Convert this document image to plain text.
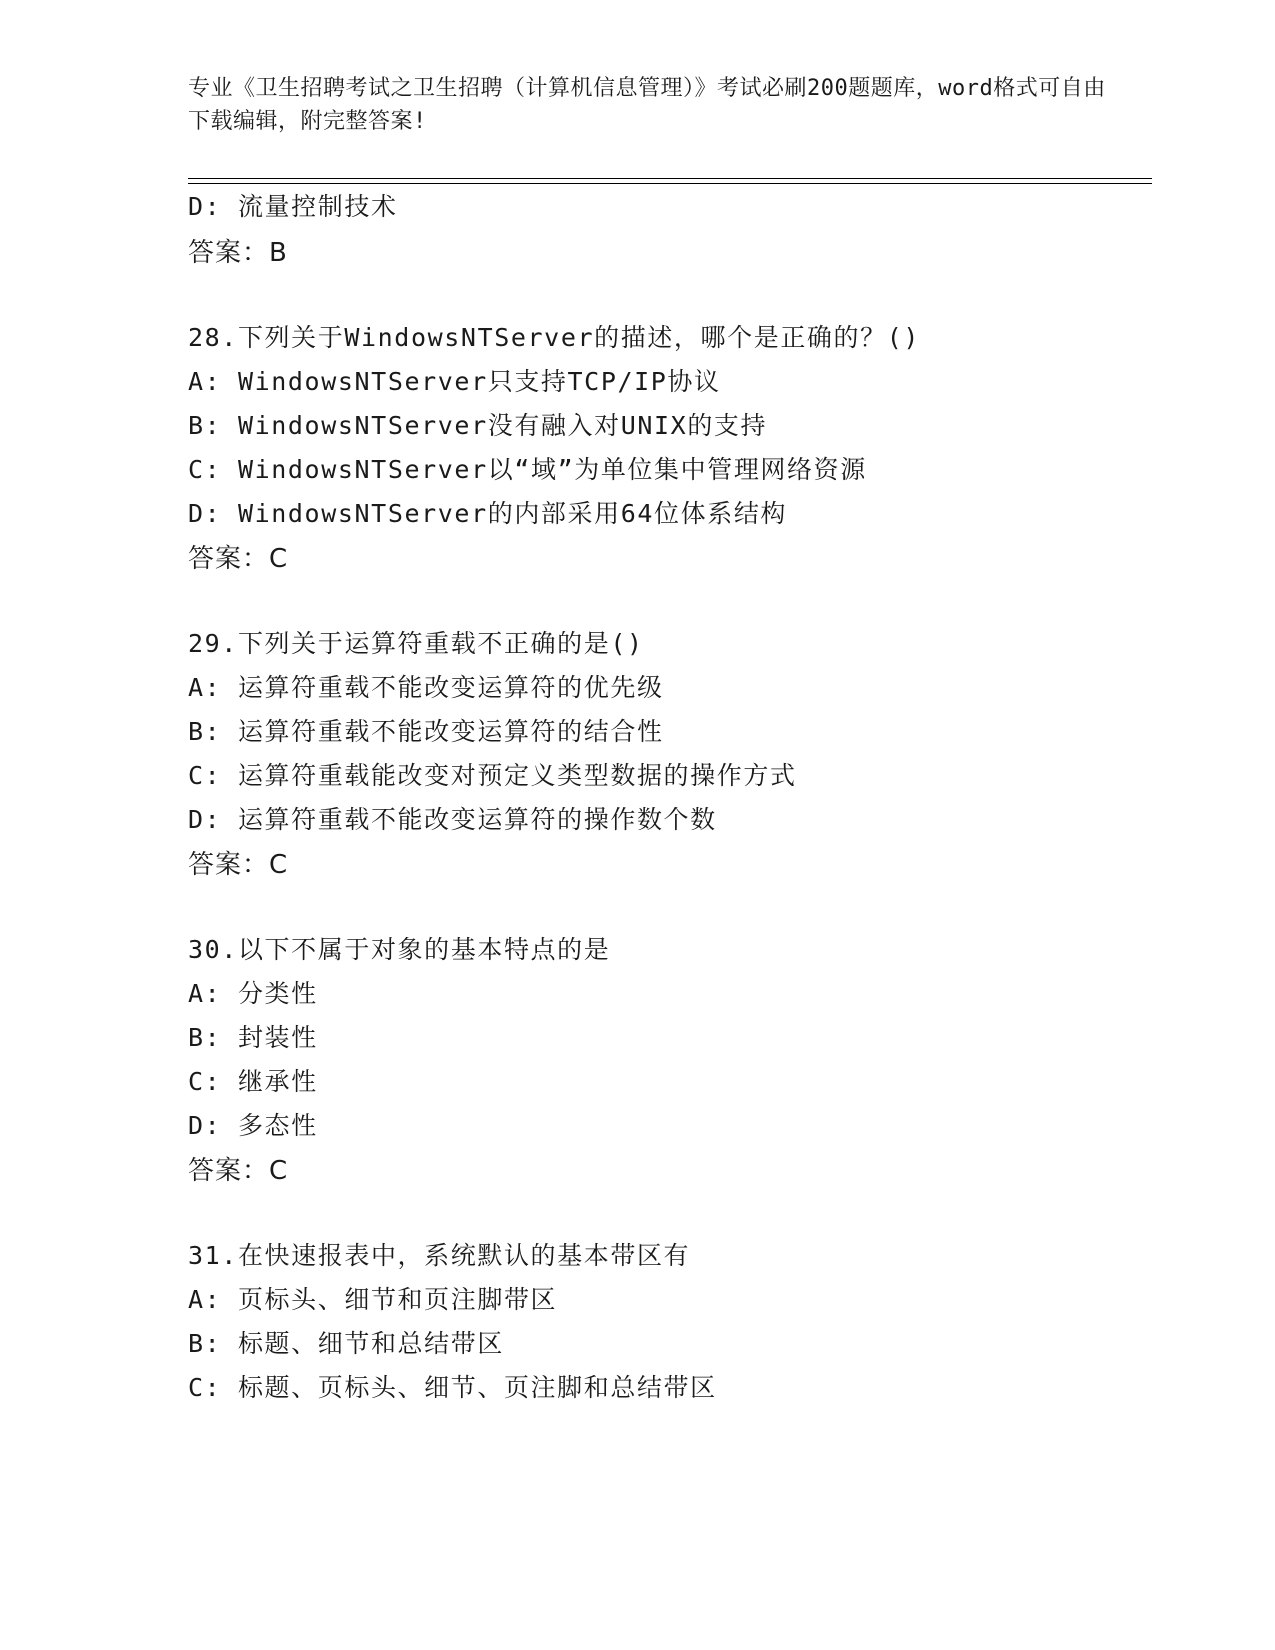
专业《卫生招聘考试之卫生招聘（计算机信息管理）》考试必刷200题题库，word格式可自由下载编辑，附完整答案!
D: 流量控制技术
答案：B
28.下列关于WindowsNTServer的描述，哪个是正确的？()
A: WindowsNTServer只支持TCP/IP协议
B: WindowsNTServer没有融入对UNIX的支持
C: WindowsNTServer以“域”为单位集中管理网络资源
D: WindowsNTServer的内部采用64位体系结构
答案：C
29.下列关于运算符重载不正确的是()
A: 运算符重载不能改变运算符的优先级
B: 运算符重载不能改变运算符的结合性
C: 运算符重载能改变对预定义类型数据的操作方式
D: 运算符重载不能改变运算符的操作数个数
答案：C
30.以下不属于对象的基本特点的是
A: 分类性
B: 封装性
C: 继承性
D: 多态性
答案：C
31.在快速报表中，系统默认的基本带区有
A: 页标头、细节和页注脚带区
B: 标题、细节和总结带区
C: 标题、页标头、细节、页注脚和总结带区
